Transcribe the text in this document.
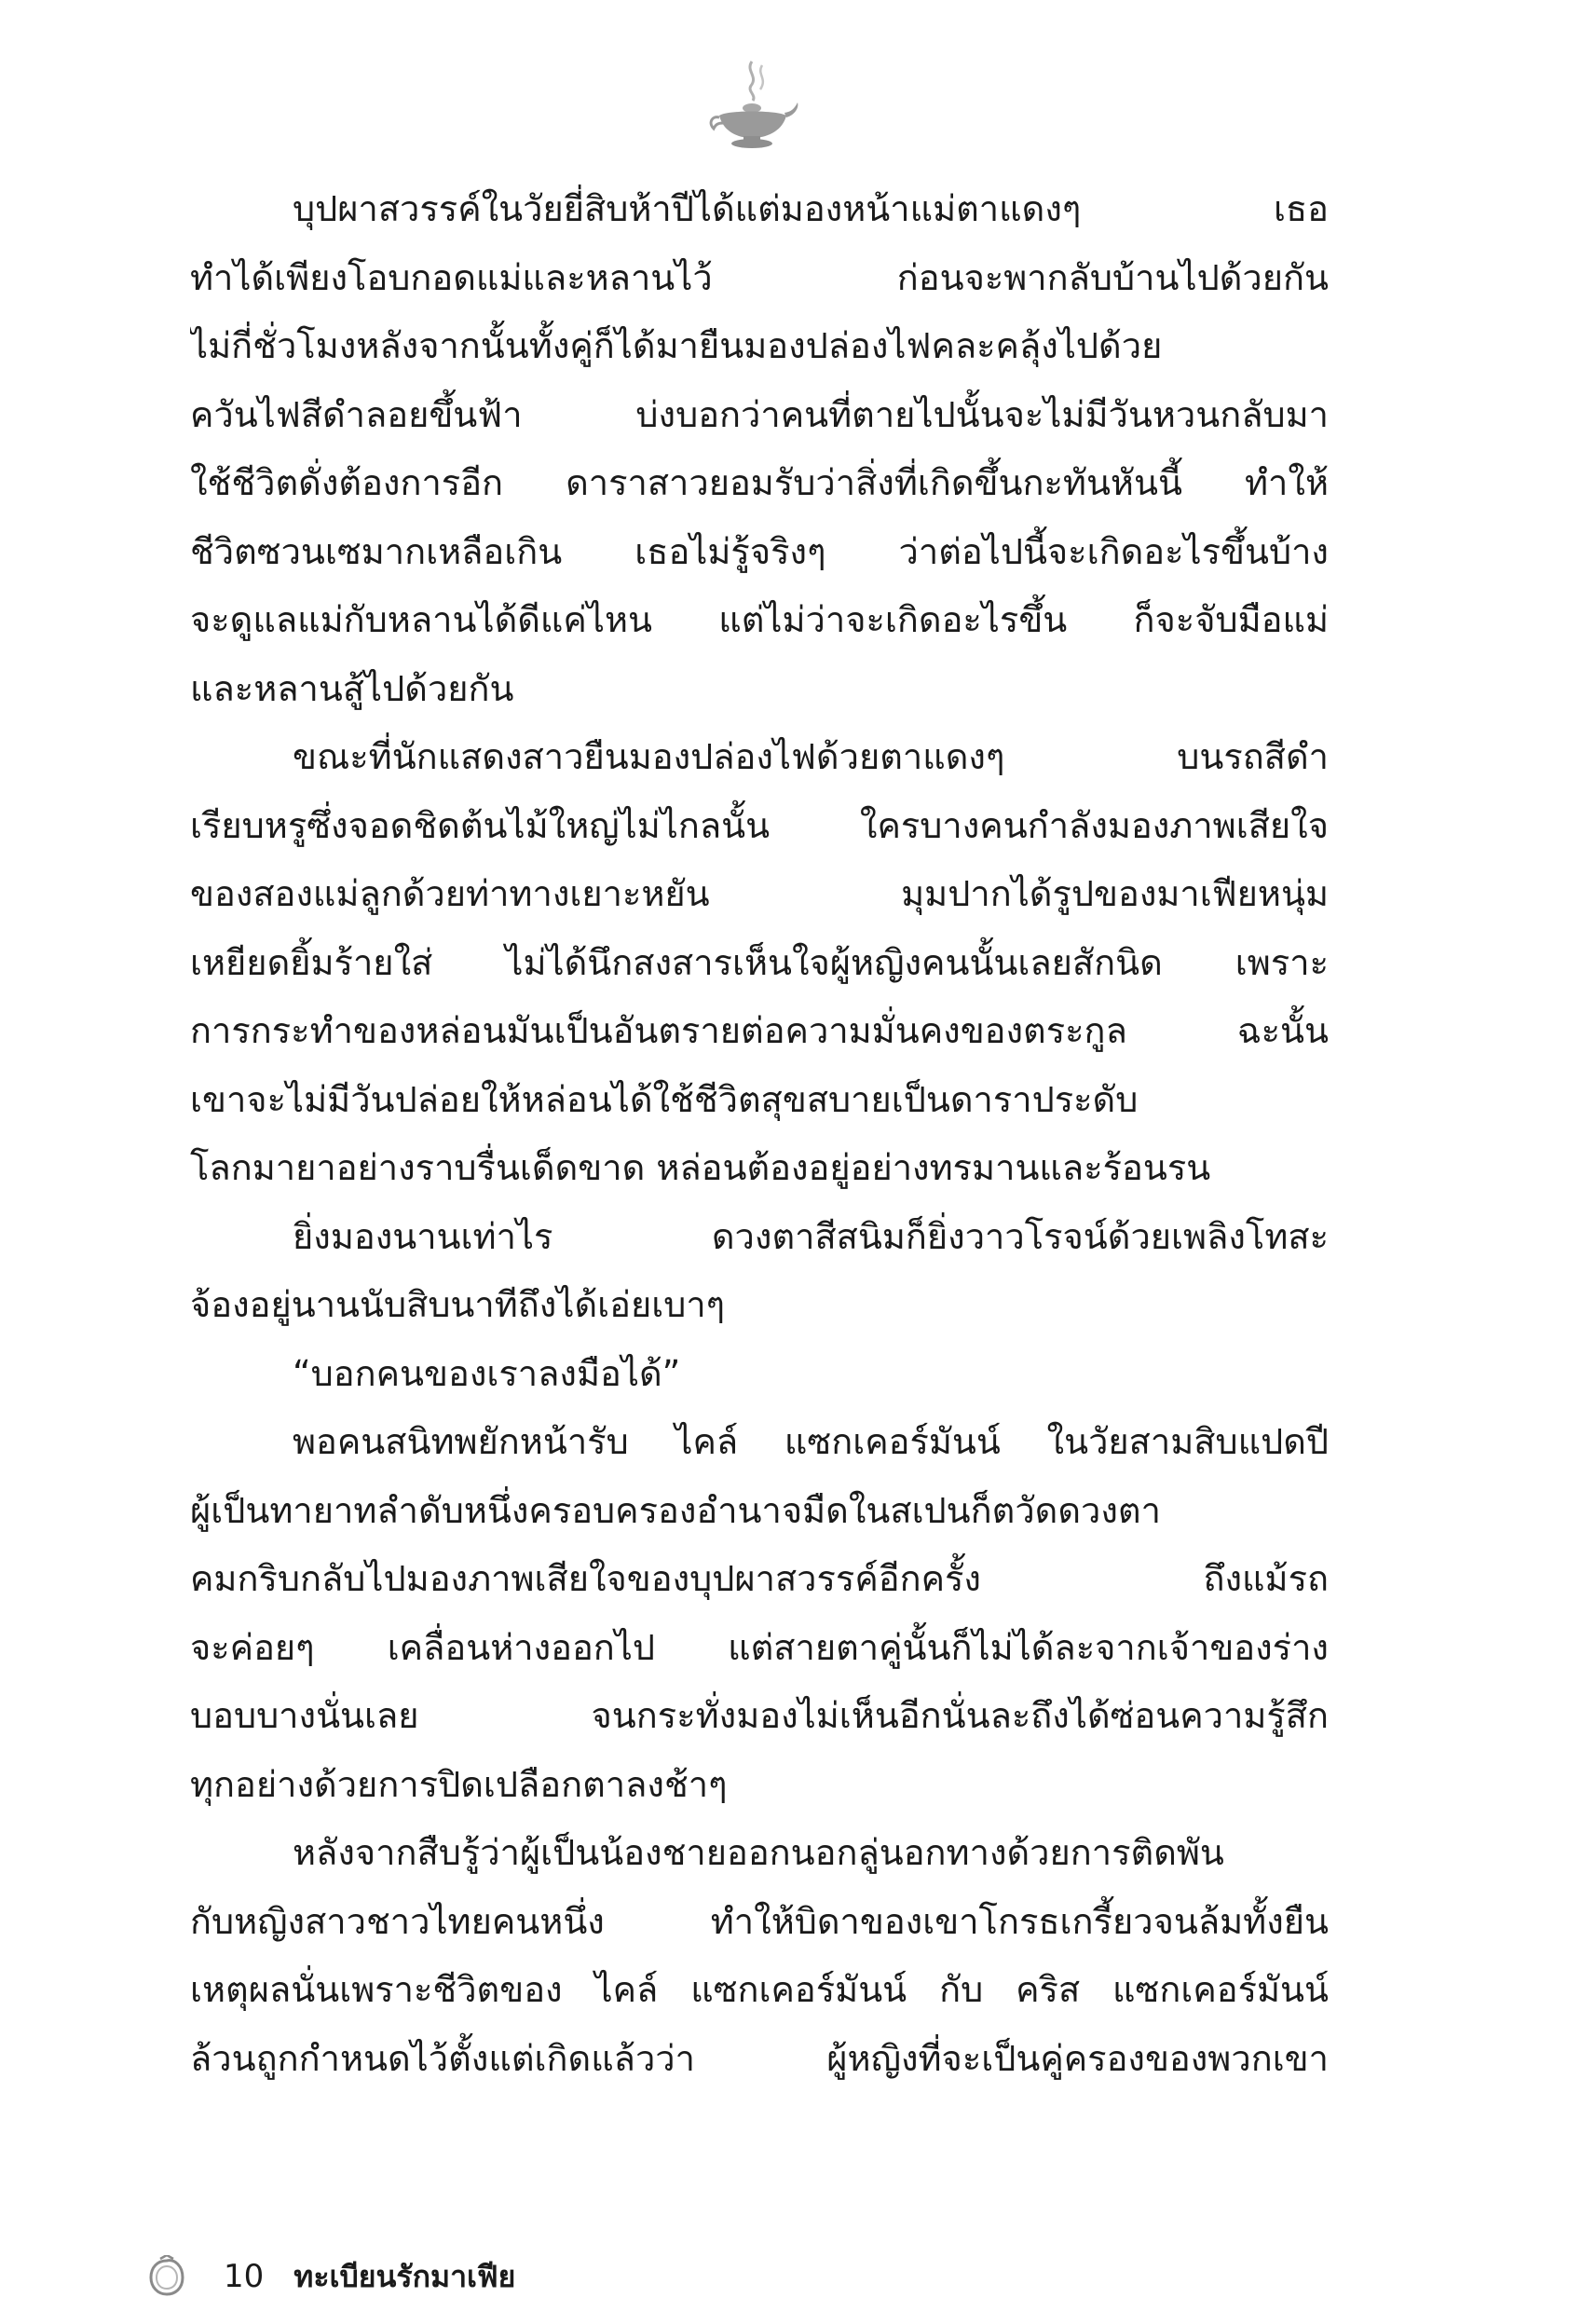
บุปผาสวรรค์ในวัยยี่สิบห้าปีได้แต่มองหน้าแม่ตาแดงๆ เธอ
ทำได้เพียงโอบกอดแม่และหลานไว้ ก่อนจะพากลับบ้านไปด้วยกัน
ไม่กี่ชั่วโมงหลังจากนั้นทั้งคู่ก็ได้มายืนมองปล่องไฟคละคลุ้งไปด้วย
ควันไฟสีดำลอยขึ้นฟ้า บ่งบอกว่าคนที่ตายไปนั้นจะไม่มีวันหวนกลับมา
ใช้ชีวิตดั่งต้องการอีก ดาราสาวยอมรับว่าสิ่งที่เกิดขึ้นกะทันหันนี้ ทำให้
ชีวิตซวนเซมากเหลือเกิน เธอไม่รู้จริงๆ ว่าต่อไปนี้จะเกิดอะไรขึ้นบ้าง
จะดูแลแม่กับหลานได้ดีแค่ไหน แต่ไม่ว่าจะเกิดอะไรขึ้น ก็จะจับมือแม่
และหลานสู้ไปด้วยกัน
ขณะที่นักแสดงสาวยืนมองปล่องไฟด้วยตาแดงๆ บนรถสีดำ
เรียบหรูซึ่งจอดชิดต้นไม้ใหญ่ไม่ไกลนั้น ใครบางคนกำลังมองภาพเสียใจ
ของสองแม่ลูกด้วยท่าทางเยาะหยัน มุมปากได้รูปของมาเฟียหนุ่ม
เหยียดยิ้มร้ายใส่ ไม่ได้นึกสงสารเห็นใจผู้หญิงคนนั้นเลยสักนิด เพราะ
การกระทำของหล่อนมันเป็นอันตรายต่อความมั่นคงของตระกูล ฉะนั้น
เขาจะไม่มีวันปล่อยให้หล่อนได้ใช้ชีวิตสุขสบายเป็นดาราประดับ
โลกมายาอย่างราบรื่นเด็ดขาด หล่อนต้องอยู่อย่างทรมานและร้อนรน
ยิ่งมองนานเท่าไร ดวงตาสีสนิมก็ยิ่งวาวโรจน์ด้วยเพลิงโทสะ
จ้องอยู่นานนับสิบนาทีถึงได้เอ่ยเบาๆ
“บอกคนของเราลงมือได้”
พอคนสนิทพยักหน้ารับ ไคล์ แซกเคอร์มันน์ ในวัยสามสิบแปดปี
ผู้เป็นทายาทลำดับหนึ่งครอบครองอำนาจมืดในสเปนก็ตวัดดวงตา
คมกริบกลับไปมองภาพเสียใจของบุปผาสวรรค์อีกครั้ง ถึงแม้รถ
จะค่อยๆ เคลื่อนห่างออกไป แต่สายตาคู่นั้นก็ไม่ได้ละจากเจ้าของร่าง
บอบบางนั่นเลย จนกระทั่งมองไม่เห็นอีกนั่นละถึงได้ซ่อนความรู้สึก
ทุกอย่างด้วยการปิดเปลือกตาลงช้าๆ
หลังจากสืบรู้ว่าผู้เป็นน้องชายออกนอกลู่นอกทางด้วยการติดพัน
กับหญิงสาวชาวไทยคนหนึ่ง ทำให้บิดาของเขาโกรธเกรี้ยวจนล้มทั้งยืน
เหตุผลนั่นเพราะชีวิตของ ไคล์ แซกเคอร์มันน์ กับ คริส แซกเคอร์มันน์
ล้วนถูกกำหนดไว้ตั้งแต่เกิดแล้วว่า ผู้หญิงที่จะเป็นคู่ครองของพวกเขา
10 ทะเบียนรักมาเฟีย
